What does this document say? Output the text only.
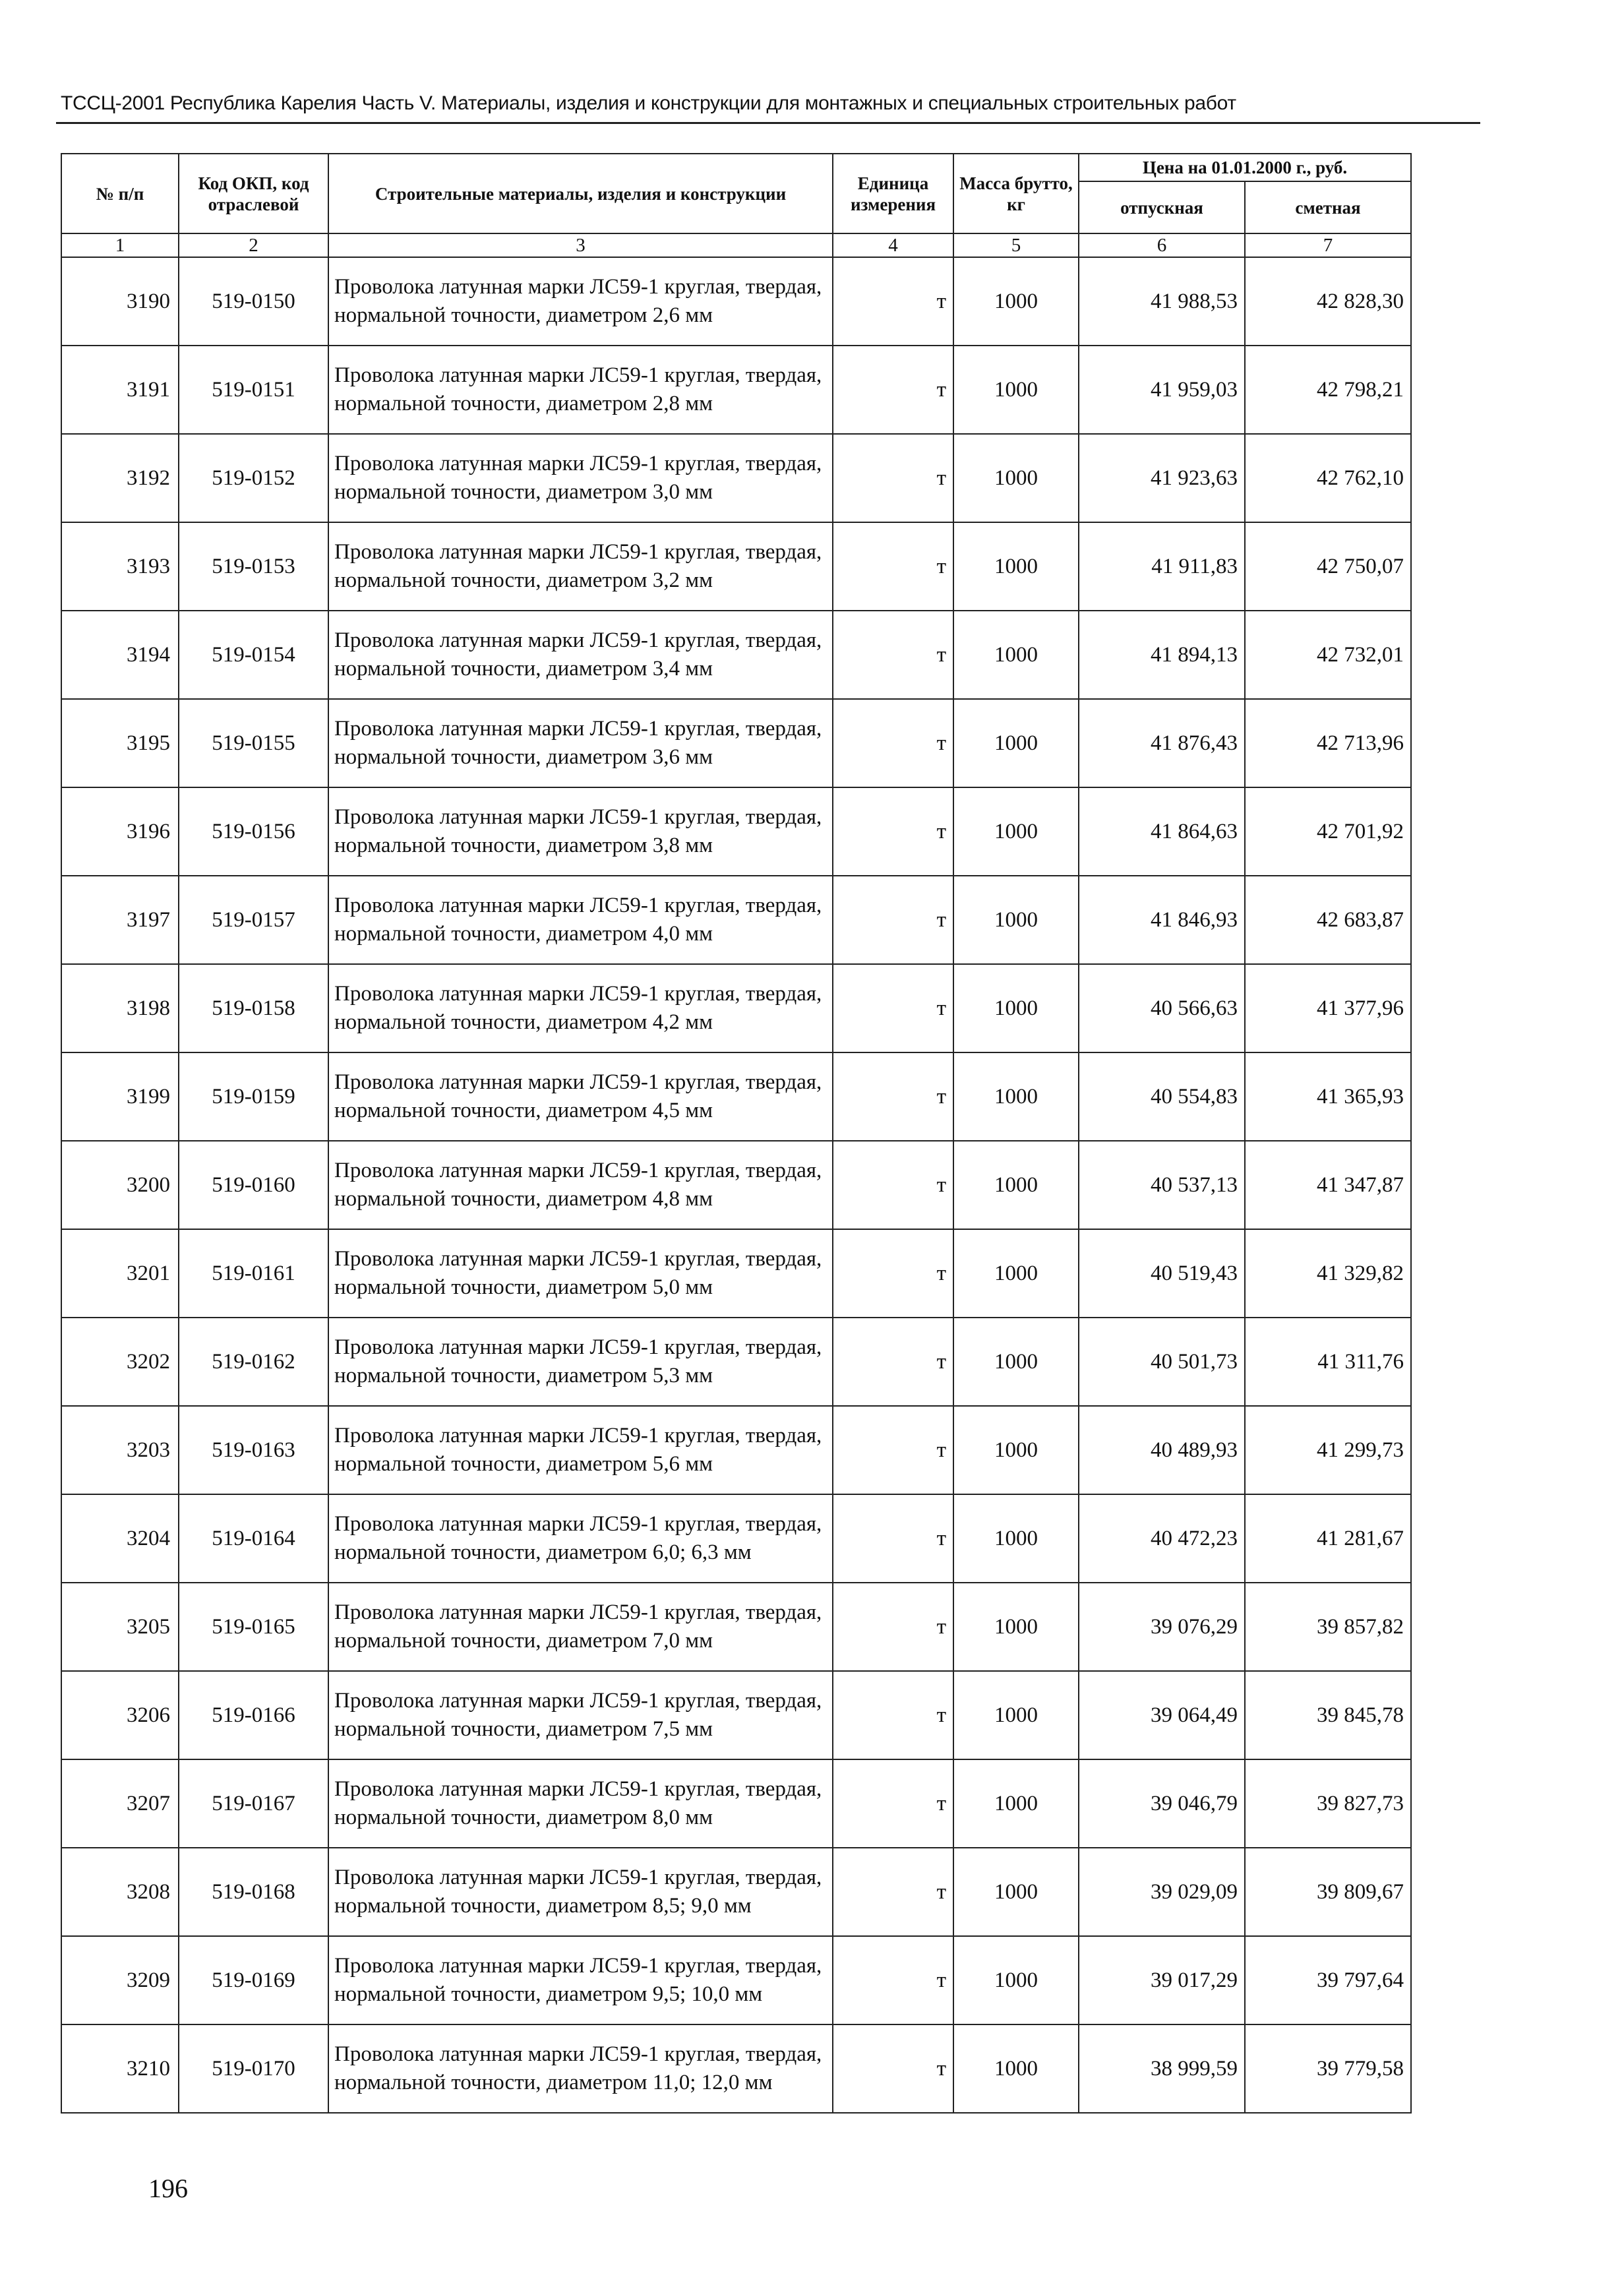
ТССЦ-2001 Республика Карелия Часть V. Материалы, изделия и конструкции для монтажных и специальных строительных работ
№ п/п	Код ОКП, код отраслевой	Строительные материалы, изделия и конструкции	Единица измерения	Масса брутто, кг	Цена на 01.01.2000 г., руб.	
					отпускная	сметная
1	2	3	4	5	6	7
3190	519-0150	Проволока латунная марки ЛС59-1 круглая, твердая, нормальной точности, диаметром 2,6 мм	т	1000	41 988,53	42 828,30
3191	519-0151	Проволока латунная марки ЛС59-1 круглая, твердая, нормальной точности, диаметром 2,8 мм	т	1000	41 959,03	42 798,21
3192	519-0152	Проволока латунная марки ЛС59-1 круглая, твердая, нормальной точности, диаметром 3,0 мм	т	1000	41 923,63	42 762,10
3193	519-0153	Проволока латунная марки ЛС59-1 круглая, твердая, нормальной точности, диаметром 3,2 мм	т	1000	41 911,83	42 750,07
3194	519-0154	Проволока латунная марки ЛС59-1 круглая, твердая, нормальной точности, диаметром 3,4 мм	т	1000	41 894,13	42 732,01
3195	519-0155	Проволока латунная марки ЛС59-1 круглая, твердая, нормальной точности, диаметром 3,6 мм	т	1000	41 876,43	42 713,96
3196	519-0156	Проволока латунная марки ЛС59-1 круглая, твердая, нормальной точности, диаметром 3,8 мм	т	1000	41 864,63	42 701,92
3197	519-0157	Проволока латунная марки ЛС59-1 круглая, твердая, нормальной точности, диаметром 4,0 мм	т	1000	41 846,93	42 683,87
3198	519-0158	Проволока латунная марки ЛС59-1 круглая, твердая, нормальной точности, диаметром 4,2 мм	т	1000	40 566,63	41 377,96
3199	519-0159	Проволока латунная марки ЛС59-1 круглая, твердая, нормальной точности, диаметром 4,5 мм	т	1000	40 554,83	41 365,93
3200	519-0160	Проволока латунная марки ЛС59-1 круглая, твердая, нормальной точности, диаметром 4,8 мм	т	1000	40 537,13	41 347,87
3201	519-0161	Проволока латунная марки ЛС59-1 круглая, твердая, нормальной точности, диаметром 5,0 мм	т	1000	40 519,43	41 329,82
3202	519-0162	Проволока латунная марки ЛС59-1 круглая, твердая, нормальной точности, диаметром 5,3 мм	т	1000	40 501,73	41 311,76
3203	519-0163	Проволока латунная марки ЛС59-1 круглая, твердая, нормальной точности, диаметром 5,6 мм	т	1000	40 489,93	41 299,73
3204	519-0164	Проволока латунная марки ЛС59-1 круглая, твердая, нормальной точности, диаметром 6,0; 6,3 мм	т	1000	40 472,23	41 281,67
3205	519-0165	Проволока латунная марки ЛС59-1 круглая, твердая, нормальной точности, диаметром 7,0 мм	т	1000	39 076,29	39 857,82
3206	519-0166	Проволока латунная марки ЛС59-1 круглая, твердая, нормальной точности, диаметром 7,5 мм	т	1000	39 064,49	39 845,78
3207	519-0167	Проволока латунная марки ЛС59-1 круглая, твердая, нормальной точности, диаметром 8,0 мм	т	1000	39 046,79	39 827,73
3208	519-0168	Проволока латунная марки ЛС59-1 круглая, твердая, нормальной точности, диаметром 8,5; 9,0 мм	т	1000	39 029,09	39 809,67
3209	519-0169	Проволока латунная марки ЛС59-1 круглая, твердая, нормальной точности, диаметром 9,5; 10,0 мм	т	1000	39 017,29	39 797,64
3210	519-0170	Проволока латунная марки ЛС59-1 круглая, твердая, нормальной точности, диаметром 11,0; 12,0 мм	т	1000	38 999,59	39 779,58
196
